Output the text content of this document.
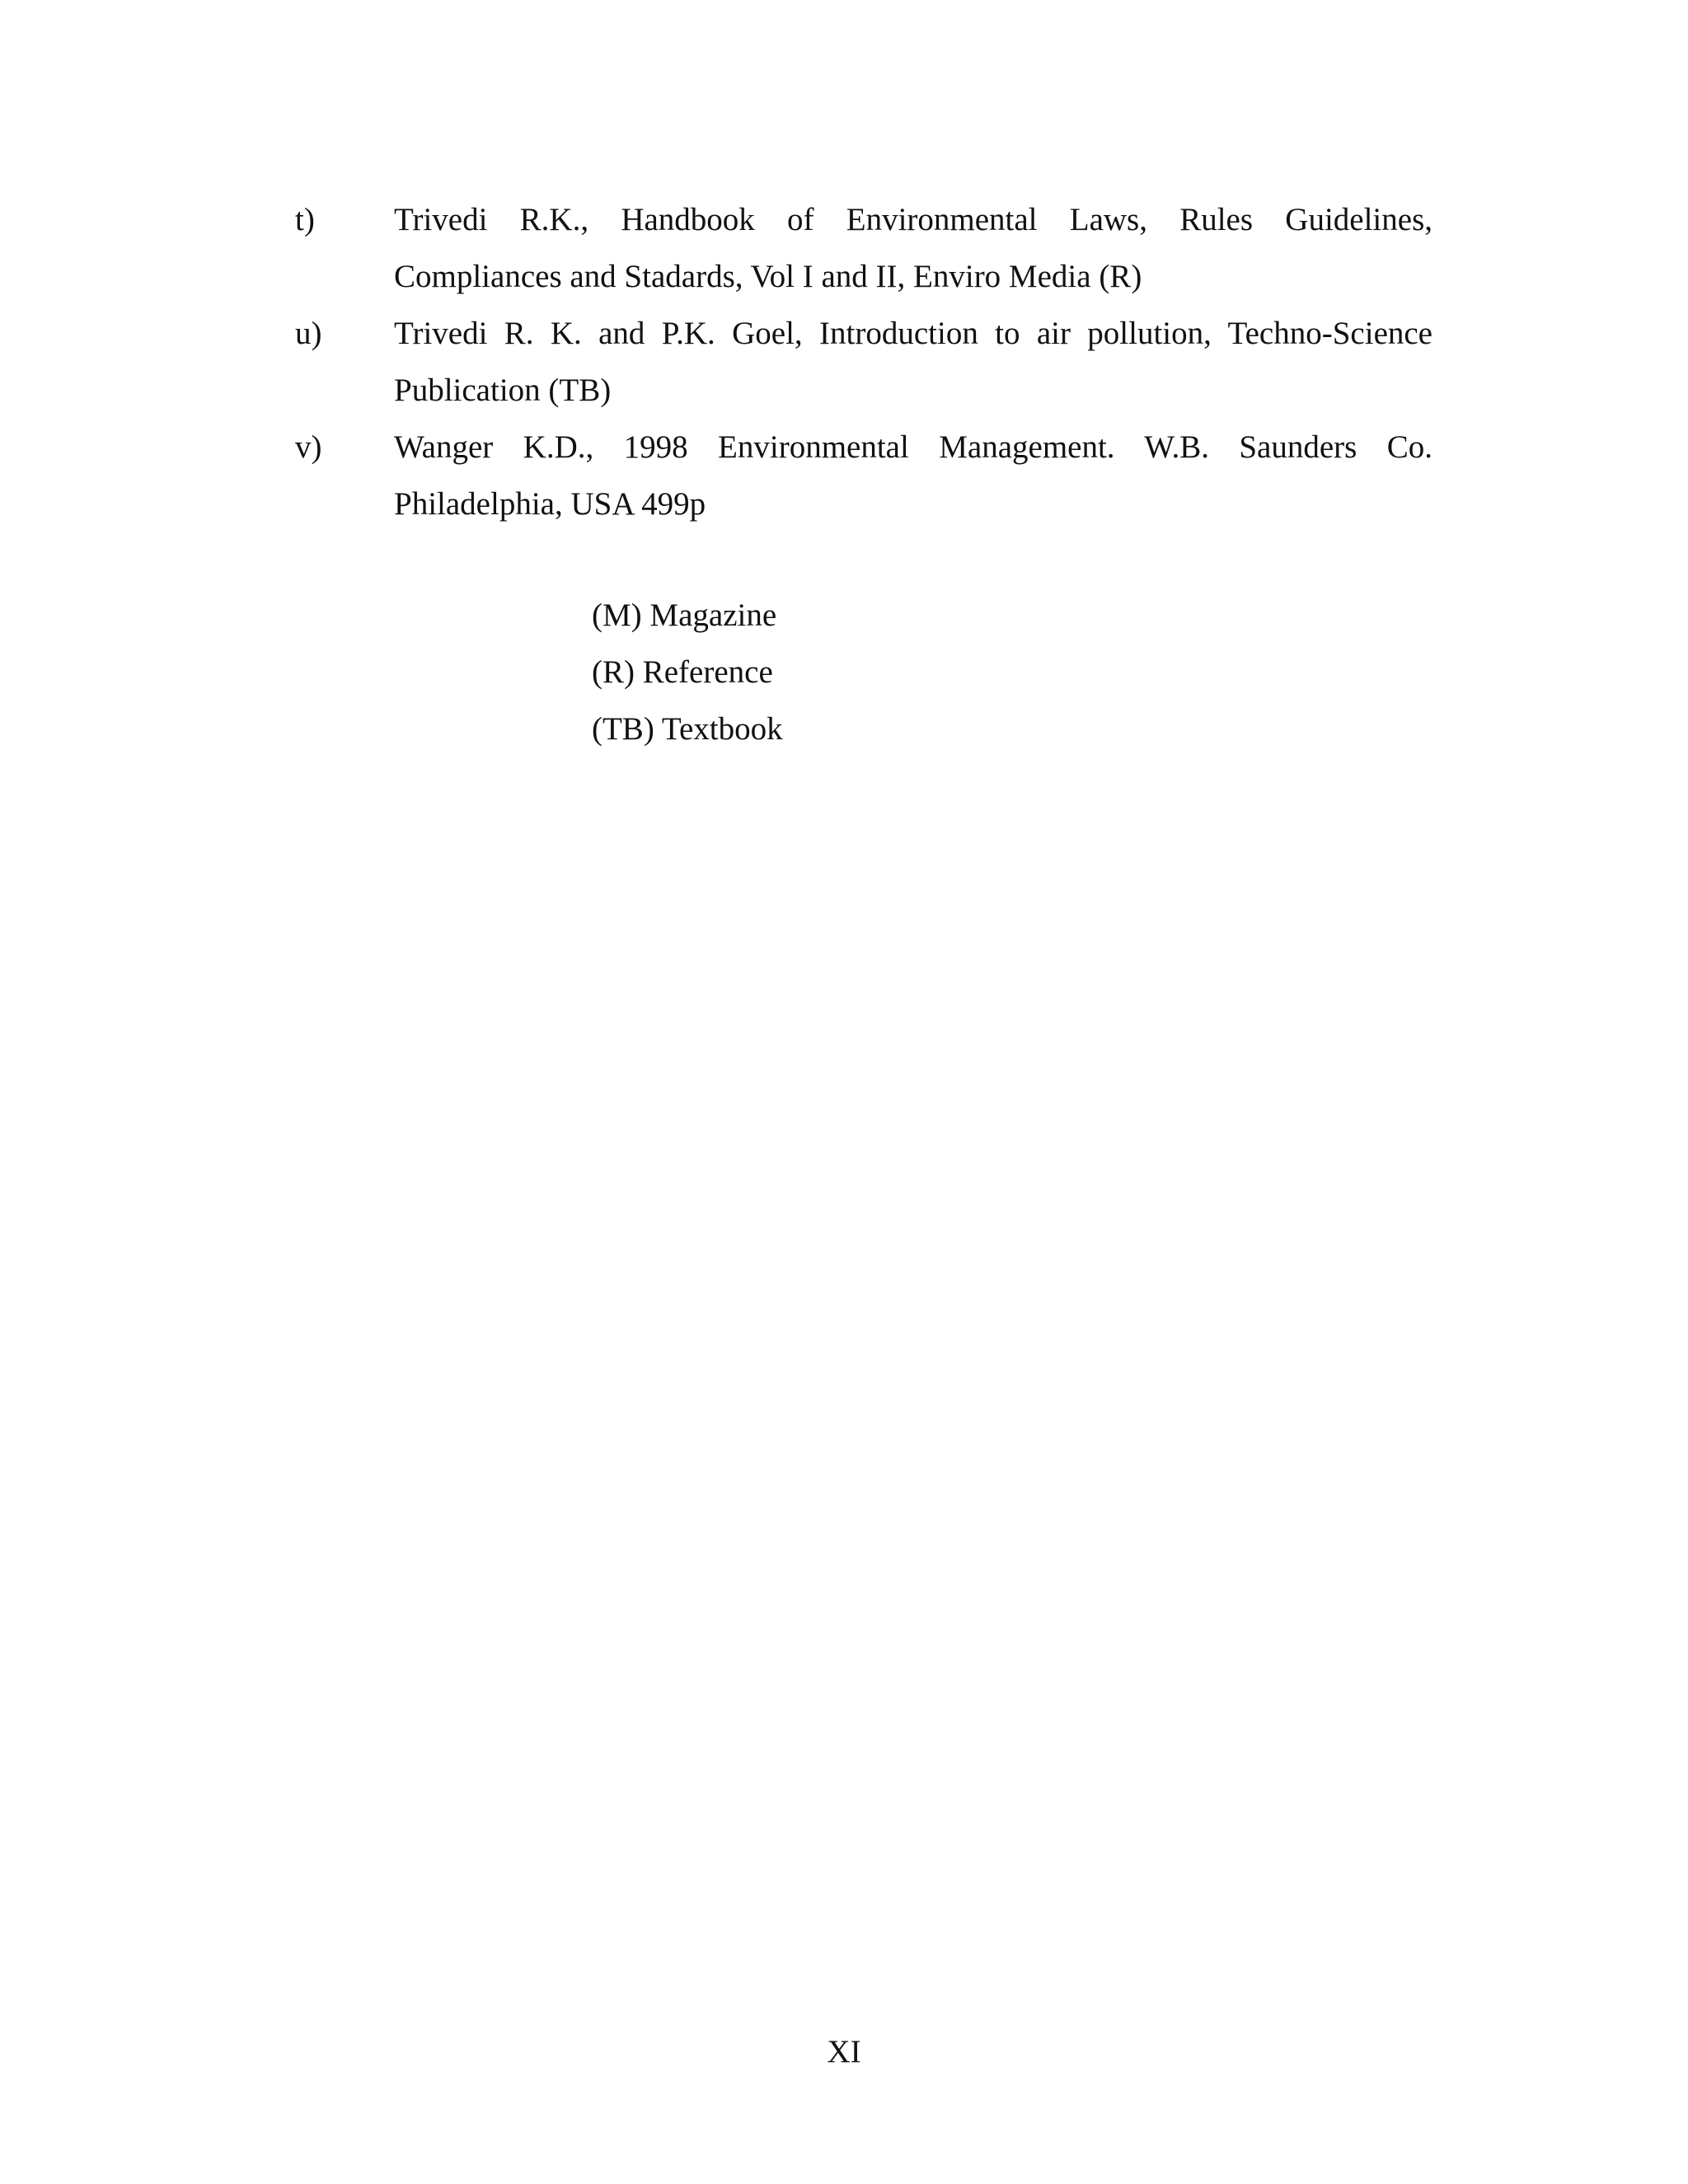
t)	Trivedi R.K., Handbook of Environmental Laws, Rules Guidelines, Compliances and Stadards, Vol I and II, Enviro Media (R)
u)	Trivedi R. K. and P.K. Goel, Introduction to air pollution, Techno-Science Publication (TB)
v)	Wanger K.D., 1998 Environmental Management. W.B. Saunders Co. Philadelphia, USA 499p
(M) Magazine
(R) Reference
(TB) Textbook
XI
